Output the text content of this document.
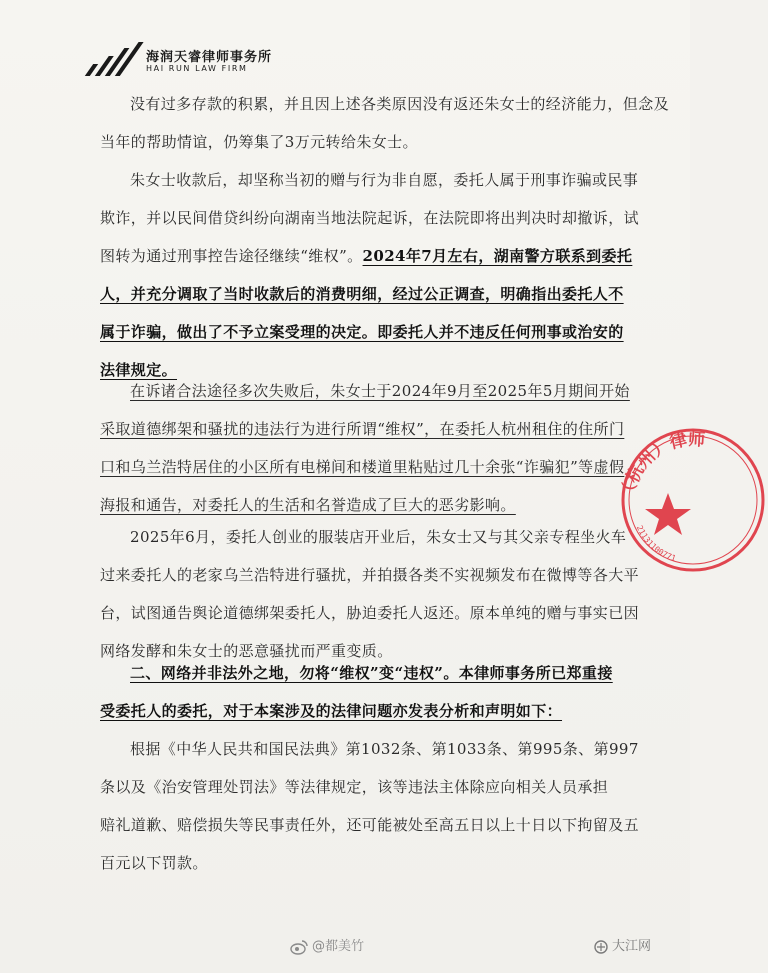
海润天睿律师事务所
HAI RUN LAW FIRM
没有过多存款的积累，并且因上述各类原因没有返还朱女士的经济能力，但念及
当年的帮助情谊，仍筹集了3万元转给朱女士。
朱女士收款后，却坚称当初的赠与行为非自愿，委托人属于刑事诈骗或民事
欺诈，并以民间借贷纠纷向湖南当地法院起诉，在法院即将出判决时却撤诉，试
图转为通过刑事控告途径继续“维权”。2024年7月左右，湖南警方联系到委托
人，并充分调取了当时收款后的消费明细，经过公正调查，明确指出委托人不
属于诈骗，做出了不予立案受理的决定。即委托人并不违反任何刑事或治安的
法律规定。
在诉诸合法途径多次失败后，朱女士于2024年9月至2025年5月期间开始
采取道德绑架和骚扰的违法行为进行所谓“维权”，在委托人杭州租住的住所门
口和乌兰浩特居住的小区所有电梯间和楼道里粘贴过几十余张“诈骗犯”等虚假
海报和通告，对委托人的生活和名誉造成了巨大的恶劣影响。
2025年6月，委托人创业的服装店开业后，朱女士又与其父亲专程坐火车
过来委托人的老家乌兰浩特进行骚扰，并拍摄各类不实视频发布在微博等各大平
台，试图通告舆论道德绑架委托人，胁迫委托人返还。原本单纯的赠与事实已因
网络发酵和朱女士的恶意骚扰而严重变质。
二、网络并非法外之地，勿将“维权”变“违权”。本律师事务所已郑重接
受委托人的委托，对于本案涉及的法律问题亦发表分析和声明如下：
根据《中华人民共和国民法典》第1032条、第1033条、第995条、第997
条以及《治安管理处罚法》等法律规定，该等违法主体除应向相关人员承担
赔礼道歉、赔偿损失等民事责任外，还可能被处至高五日以上十日以下拘留及五
百元以下罚款。
（杭州）律师
21131100771
@都美竹	大江网
